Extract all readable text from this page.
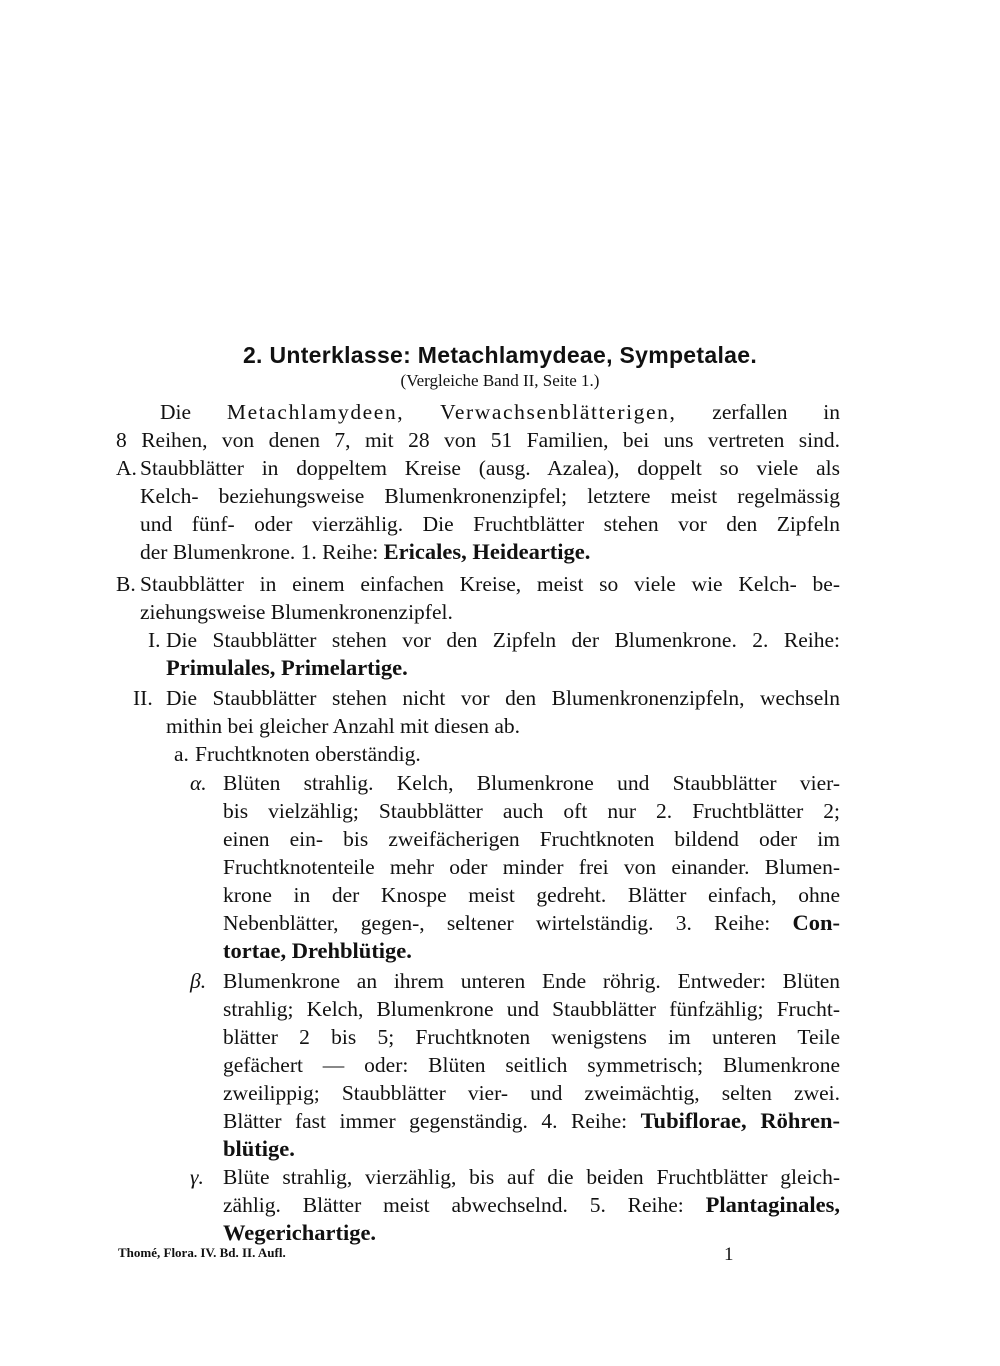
2. Unterklasse: Metachlamydeae, Sympetalae.
(Vergleiche Band II, Seite 1.)
Die Metachlamydeen, Verwachsenblätterigen, zerfallen in
8 Reihen, von denen 7, mit 28 von 51 Familien, bei uns vertreten sind.
A. Staubblätter in doppeltem Kreise (ausg. Azalea), doppelt so viele als
Kelch- beziehungsweise Blumenkronenzipfel; letztere meist regelmässig
und fünf- oder vierzählig. Die Fruchtblätter stehen vor den Zipfeln
der Blumenkrone. 1. Reihe: Ericales, Heideartige.
B. Staubblätter in einem einfachen Kreise, meist so viele wie Kelch- be-
ziehungsweise Blumenkronenzipfel.
I. Die Staubblätter stehen vor den Zipfeln der Blumenkrone. 2. Reihe:
Primulales, Primelartige.
II. Die Staubblätter stehen nicht vor den Blumenkronenzipfeln, wechseln
mithin bei gleicher Anzahl mit diesen ab.
a. Fruchtknoten oberständig.
α. Blüten strahlig. Kelch, Blumenkrone und Staubblätter vier-
bis vielzählig; Staubblätter auch oft nur 2. Fruchtblätter 2;
einen ein- bis zweifächerigen Fruchtknoten bildend oder im
Fruchtknotenteile mehr oder minder frei von einander. Blumen-
krone in der Knospe meist gedreht. Blätter einfach, ohne
Nebenblätter, gegen-, seltener wirtelständig. 3. Reihe: Con-
tortae, Drehblütige.
β. Blumenkrone an ihrem unteren Ende röhrig. Entweder: Blüten
strahlig; Kelch, Blumenkrone und Staubblätter fünfzählig; Frucht-
blätter 2 bis 5; Fruchtknoten wenigstens im unteren Teile
gefächert — oder: Blüten seitlich symmetrisch; Blumenkrone
zweilippig; Staubblätter vier- und zweimächtig, selten zwei.
Blätter fast immer gegenständig. 4. Reihe: Tubiflorae, Röhren-
blütige.
γ. Blüte strahlig, vierzählig, bis auf die beiden Fruchtblätter gleich-
zählig. Blätter meist abwechselnd. 5. Reihe: Plantaginales,
Wegerichartige.
Thomé, Flora. IV. Bd. II. Aufl.	1
